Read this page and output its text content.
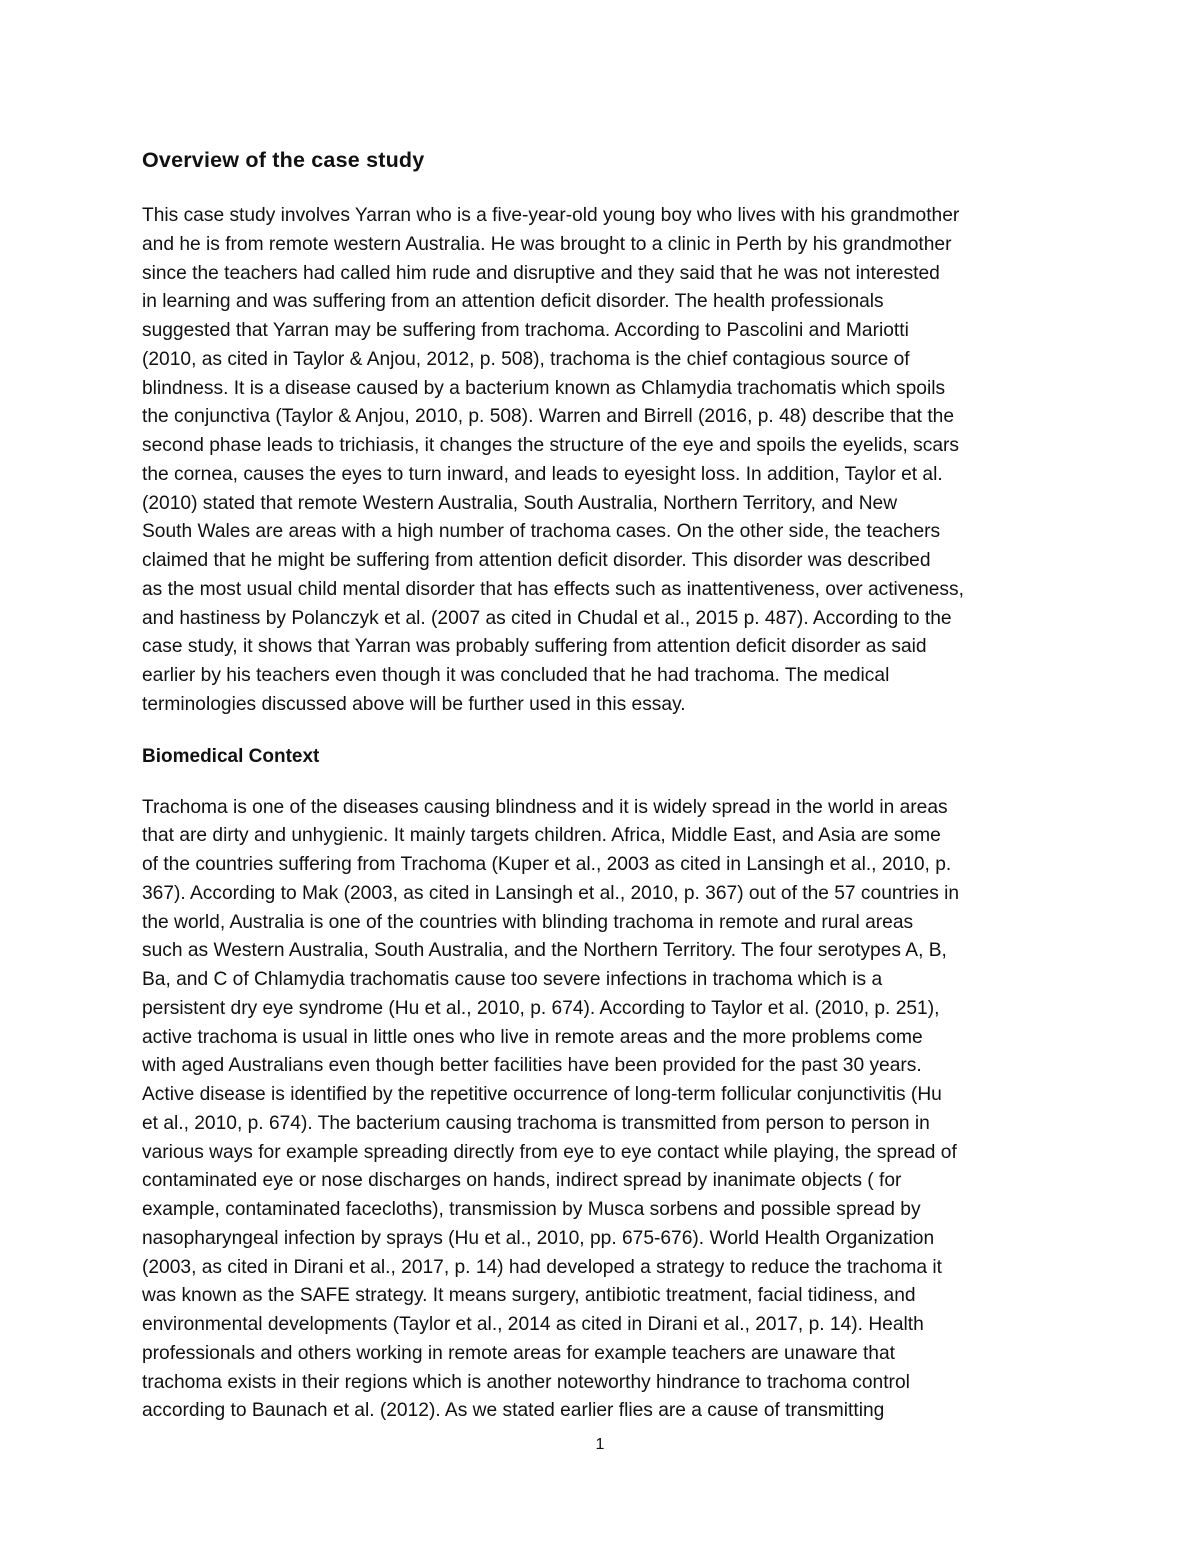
Overview of the case study

This case study involves Yarran who is a five-year-old young boy who lives with his grandmother
and he is from remote western Australia. He was brought to a clinic in Perth by his grandmother
since the teachers had called him rude and disruptive and they said that he was not interested
in learning and was suffering from an attention deficit disorder. The health professionals
suggested that Yarran may be suffering from trachoma. According to Pascolini and Mariotti
(2010, as cited in Taylor & Anjou, 2012, p. 508), trachoma is the chief contagious source of
blindness. It is a disease caused by a bacterium known as Chlamydia trachomatis which spoils
the conjunctiva (Taylor & Anjou, 2010, p. 508). Warren and Birrell (2016, p. 48) describe that the
second phase leads to trichiasis, it changes the structure of the eye and spoils the eyelids, scars
the cornea, causes the eyes to turn inward, and leads to eyesight loss. In addition, Taylor et al.
(2010) stated that remote Western Australia, South Australia, Northern Territory, and New
South Wales are areas with a high number of trachoma cases. On the other side, the teachers
claimed that he might be suffering from attention deficit disorder. This disorder was described
as the most usual child mental disorder that has effects such as inattentiveness, over activeness,
and hastiness by Polanczyk et al. (2007 as cited in Chudal et al., 2015 p. 487). According to the
case study, it shows that Yarran was probably suffering from attention deficit disorder as said
earlier by his teachers even though it was concluded that he had trachoma. The medical
terminologies discussed above will be further used in this essay.

Biomedical Context

Trachoma is one of the diseases causing blindness and it is widely spread in the world in areas
that are dirty and unhygienic. It mainly targets children. Africa, Middle East, and Asia are some
of the countries suffering from Trachoma (Kuper et al., 2003 as cited in Lansingh et al., 2010, p.
367). According to Mak (2003, as cited in Lansingh et al., 2010, p. 367) out of the 57 countries in
the world, Australia is one of the countries with blinding trachoma in remote and rural areas
such as Western Australia, South Australia, and the Northern Territory. The four serotypes A, B,
Ba, and C of Chlamydia trachomatis cause too severe infections in trachoma which is a
persistent dry eye syndrome (Hu et al., 2010, p. 674). According to Taylor et al. (2010, p. 251),
active trachoma is usual in little ones who live in remote areas and the more problems come
with aged Australians even though better facilities have been provided for the past 30 years.
Active disease is identified by the repetitive occurrence of long-term follicular conjunctivitis (Hu
et al., 2010, p. 674). The bacterium causing trachoma is transmitted from person to person in
various ways for example spreading directly from eye to eye contact while playing, the spread of
contaminated eye or nose discharges on hands, indirect spread by inanimate objects ( for
example, contaminated facecloths), transmission by Musca sorbens and possible spread by
nasopharyngeal infection by sprays (Hu et al., 2010, pp. 675-676). World Health Organization
(2003, as cited in Dirani et al., 2017, p. 14) had developed a strategy to reduce the trachoma it
was known as the SAFE strategy. It means surgery, antibiotic treatment, facial tidiness, and
environmental developments (Taylor et al., 2014 as cited in Dirani et al., 2017, p. 14). Health
professionals and others working in remote areas for example teachers are unaware that
trachoma exists in their regions which is another noteworthy hindrance to trachoma control
according to Baunach et al. (2012). As we stated earlier flies are a cause of transmitting

1
